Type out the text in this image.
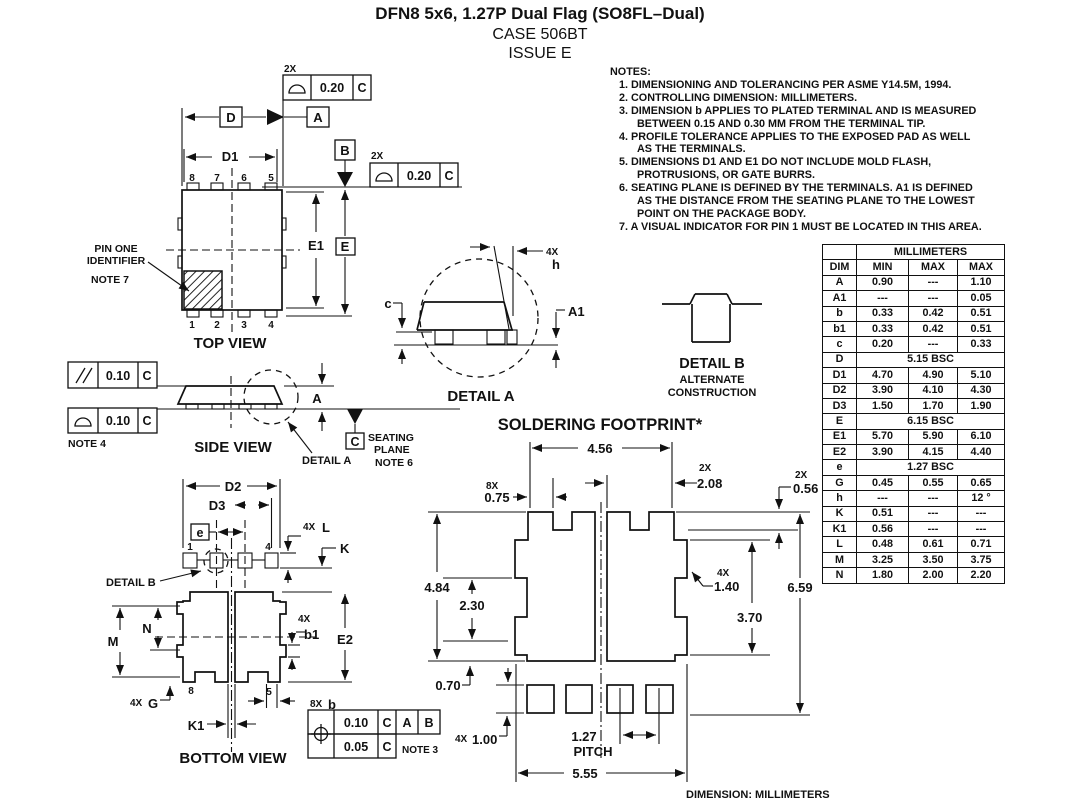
DFN8 5x6, 1.27P Dual Flag (SO8FL–Dual)
CASE 506BT
ISSUE E
NOTES:
1. DIMENSIONING AND TOLERANCING PER ASME Y14.5M, 1994.
2. CONTROLLING DIMENSION: MILLIMETERS.
3. DIMENSION b APPLIES TO PLATED TERMINAL AND IS MEASURED
BETWEEN 0.15 AND 0.30 MM FROM THE TERMINAL TIP.
4. PROFILE TOLERANCE APPLIES TO THE EXPOSED PAD AS WELL
AS THE TERMINALS.
5. DIMENSIONS D1 AND E1 DO NOT INCLUDE MOLD FLASH,
PROTRUSIONS, OR GATE BURRS.
6. SEATING PLANE IS DEFINED BY THE TERMINALS. A1 IS DEFINED
AS THE DISTANCE FROM THE SEATING PLANE TO THE LOWEST
POINT ON THE PACKAGE BODY.
7. A VISUAL INDICATOR FOR PIN 1 MUST BE LOCATED IN THIS AREA.
	MILLIMETERS		
DIM	MIN	MAX	MAX
A	0.90	---	1.10
A1	---	---	0.05
b	0.33	0.42	0.51
b1	0.33	0.42	0.51
c	0.20	---	0.33
D	5.15 BSC		
D1	4.70	4.90	5.10
D2	3.90	4.10	4.30
D3	1.50	1.70	1.90
E	6.15 BSC		
E1	5.70	5.90	6.10
E2	3.90	4.15	4.40
e	1.27 BSC		
G	0.45	0.55	0.65
h	---	---	12 °
K	0.51	---	---
K1	0.56	---	---
L	0.48	0.61	0.71
M	3.25	3.50	3.75
N	1.80	2.00	2.20
D	A
D1
2X
0.20 C
B 2X
0.20 C
E1 E
8 7 6 5
1 2 3 4
PIN ONE
IDENTIFIER
NOTE 7
TOP VIEW
0.10 C
0.10 C
NOTE 4
DETAIL A
A
C SEATING
PLANE
NOTE 6
SIDE VIEW
4X
h
A1
c
DETAIL A
DETAIL B
ALTERNATE
CONSTRUCTION
1	4
DETAIL B
D2
D3
e	4X L
K
M
N
E2
4X
b1
4X G
8	5
8X b
K1
BOTTOM VIEW
0.10 C A B
0.05 C NOTE 3
SOLDERING FOOTPRINT*
4.56
8X
0.75
2X
2.08
2X
0.56
4.84
2.30
4X
1.40	6.59
3.70
0.70
4X 1.00	1.27
PITCH
5.55
DIMENSION: MILLIMETERS
